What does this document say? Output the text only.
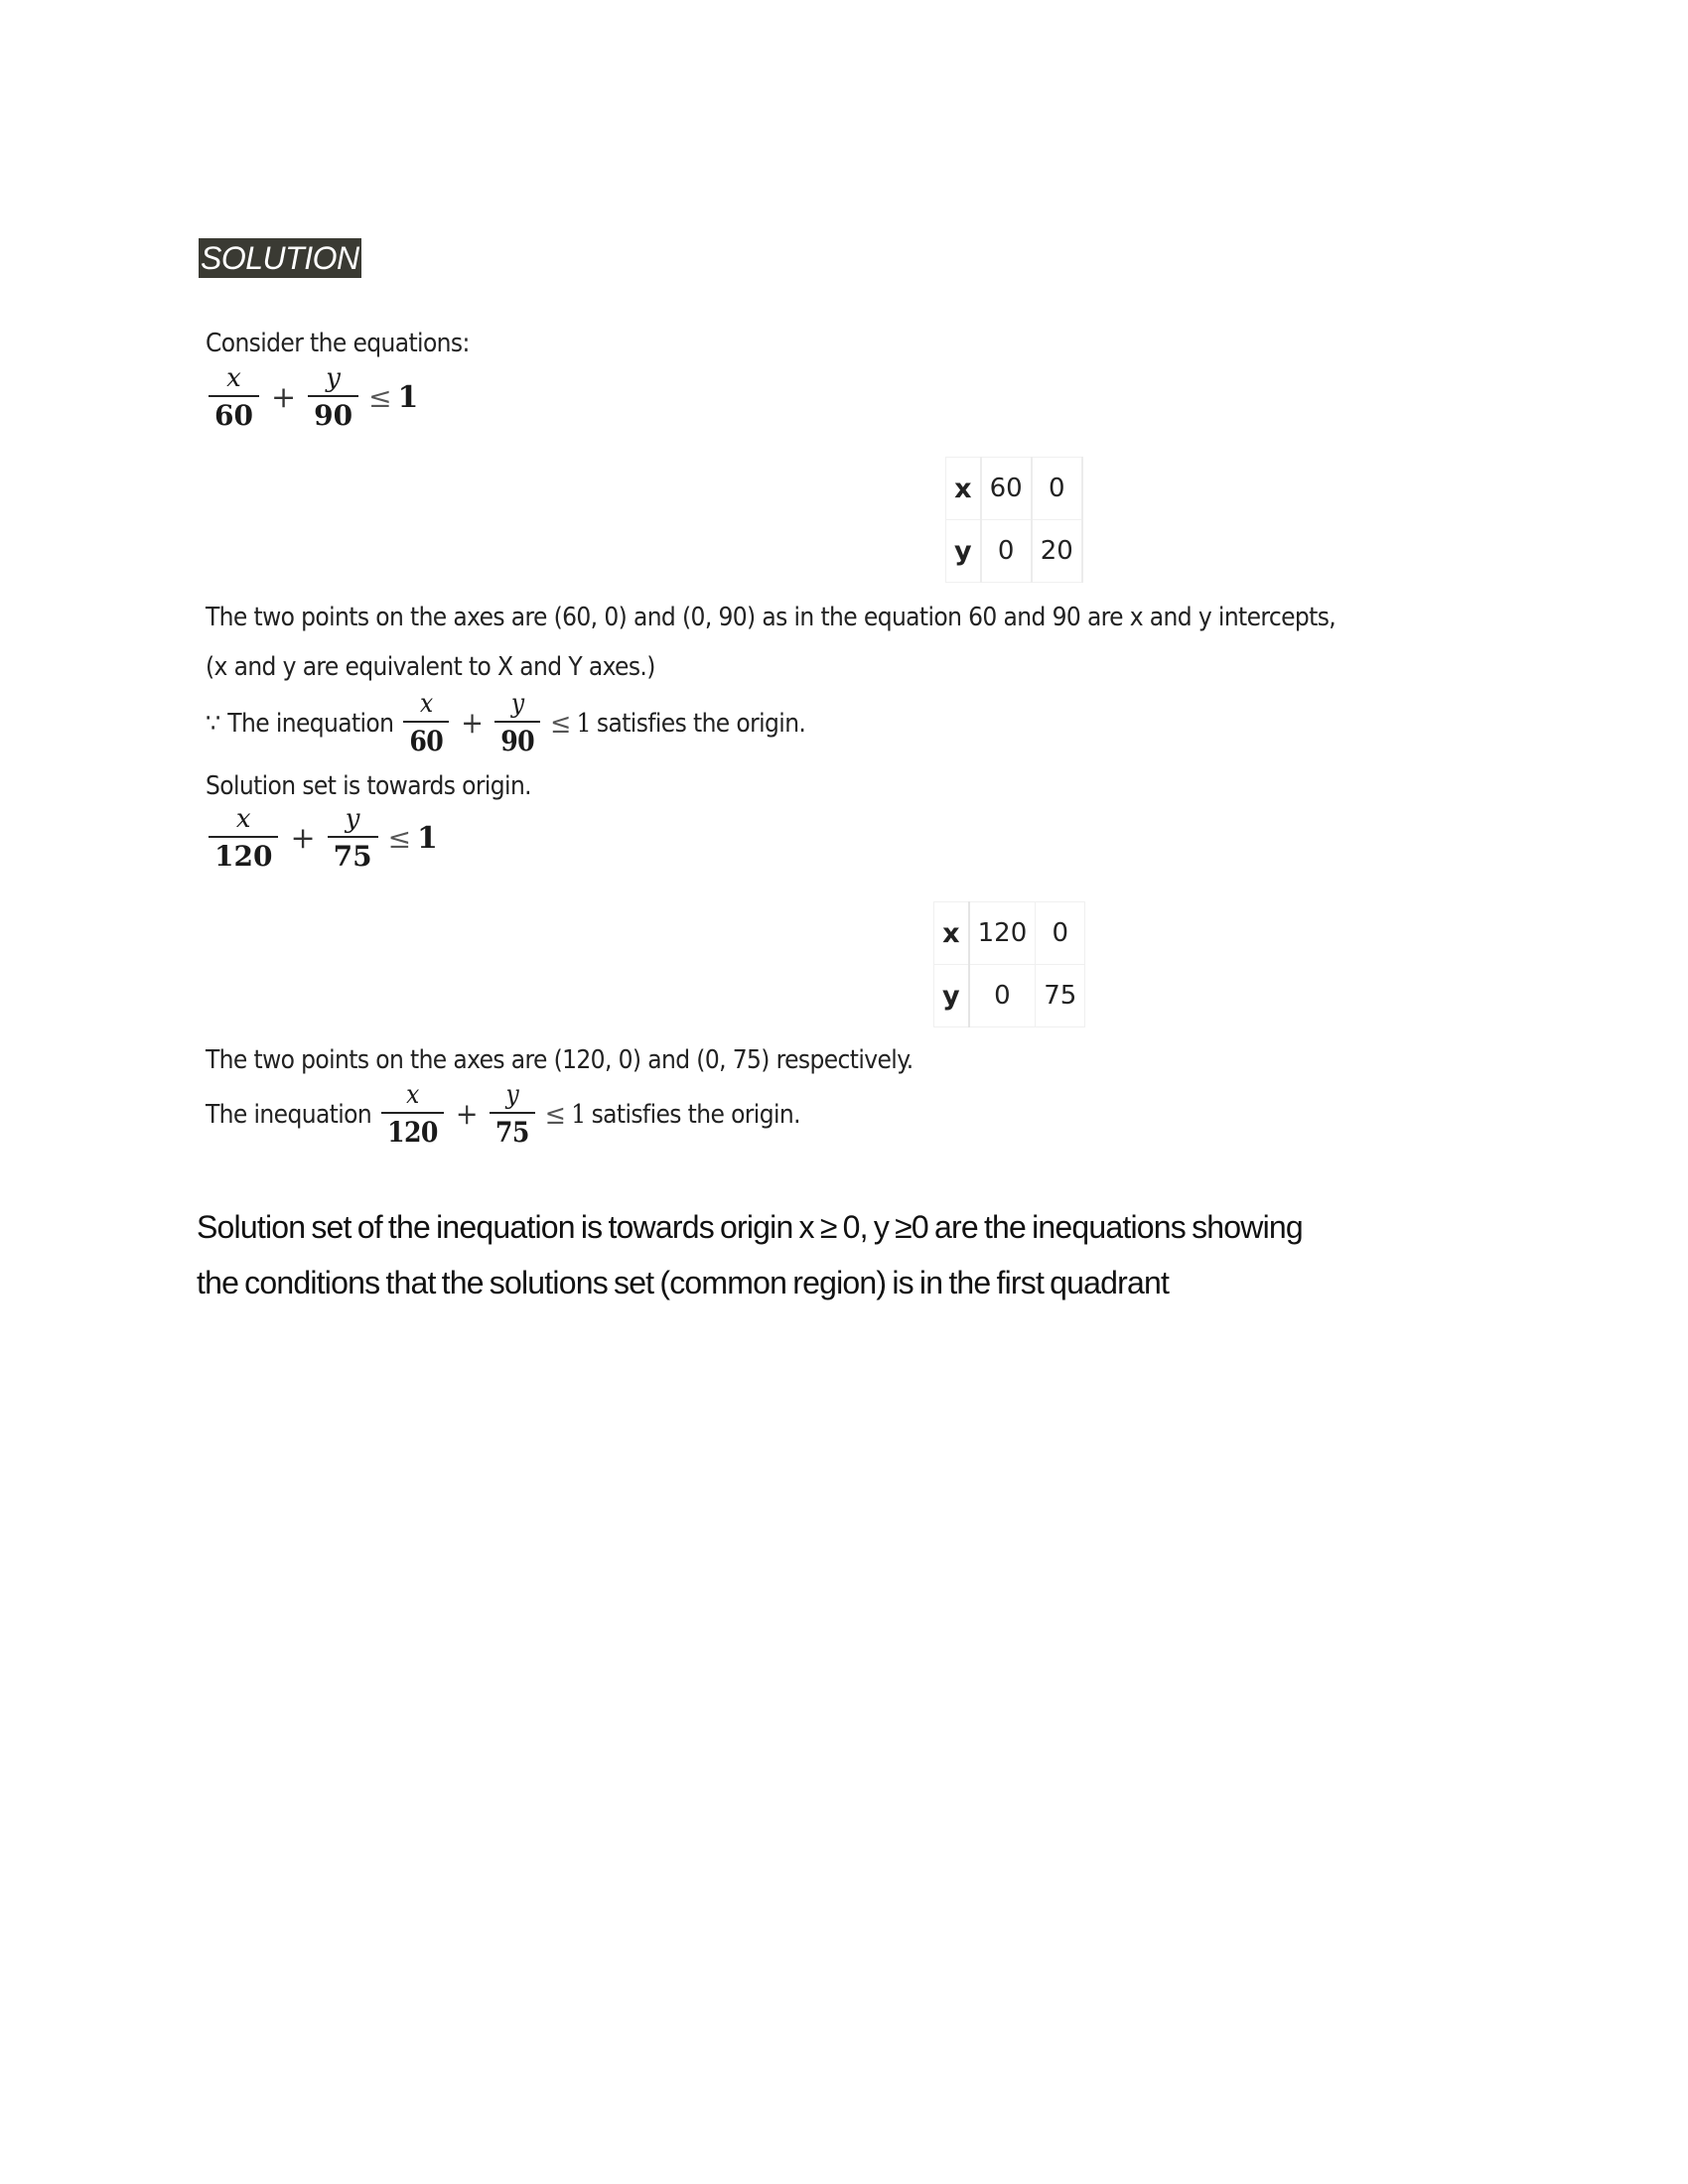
SOLUTION
Consider the equations:
$\frac{x}{60} + \frac{y}{90} \le 1$
x	60	0
y	0	20
The two points on the axes are (60, 0) and (0, 90) as in the equation 60 and 90 are x and y intercepts,
(x and y are equivalent to X and Y axes.)
∵ The inequation $\frac{x}{60} + \frac{y}{90} \le 1$ satisfies the origin.
Solution set is towards origin.
$\frac{x}{120} + \frac{y}{75} \le 1$
x	120	0
y	0	75
The two points on the axes are (120, 0) and (0, 75) respectively.
The inequation $\frac{x}{120} + \frac{y}{75} \le 1$ satisfies the origin.
Solution set of the inequation is towards origin x ≥ 0, y ≥0 are the inequations showing
the conditions that the solutions set (common region) is in the first quadrant
